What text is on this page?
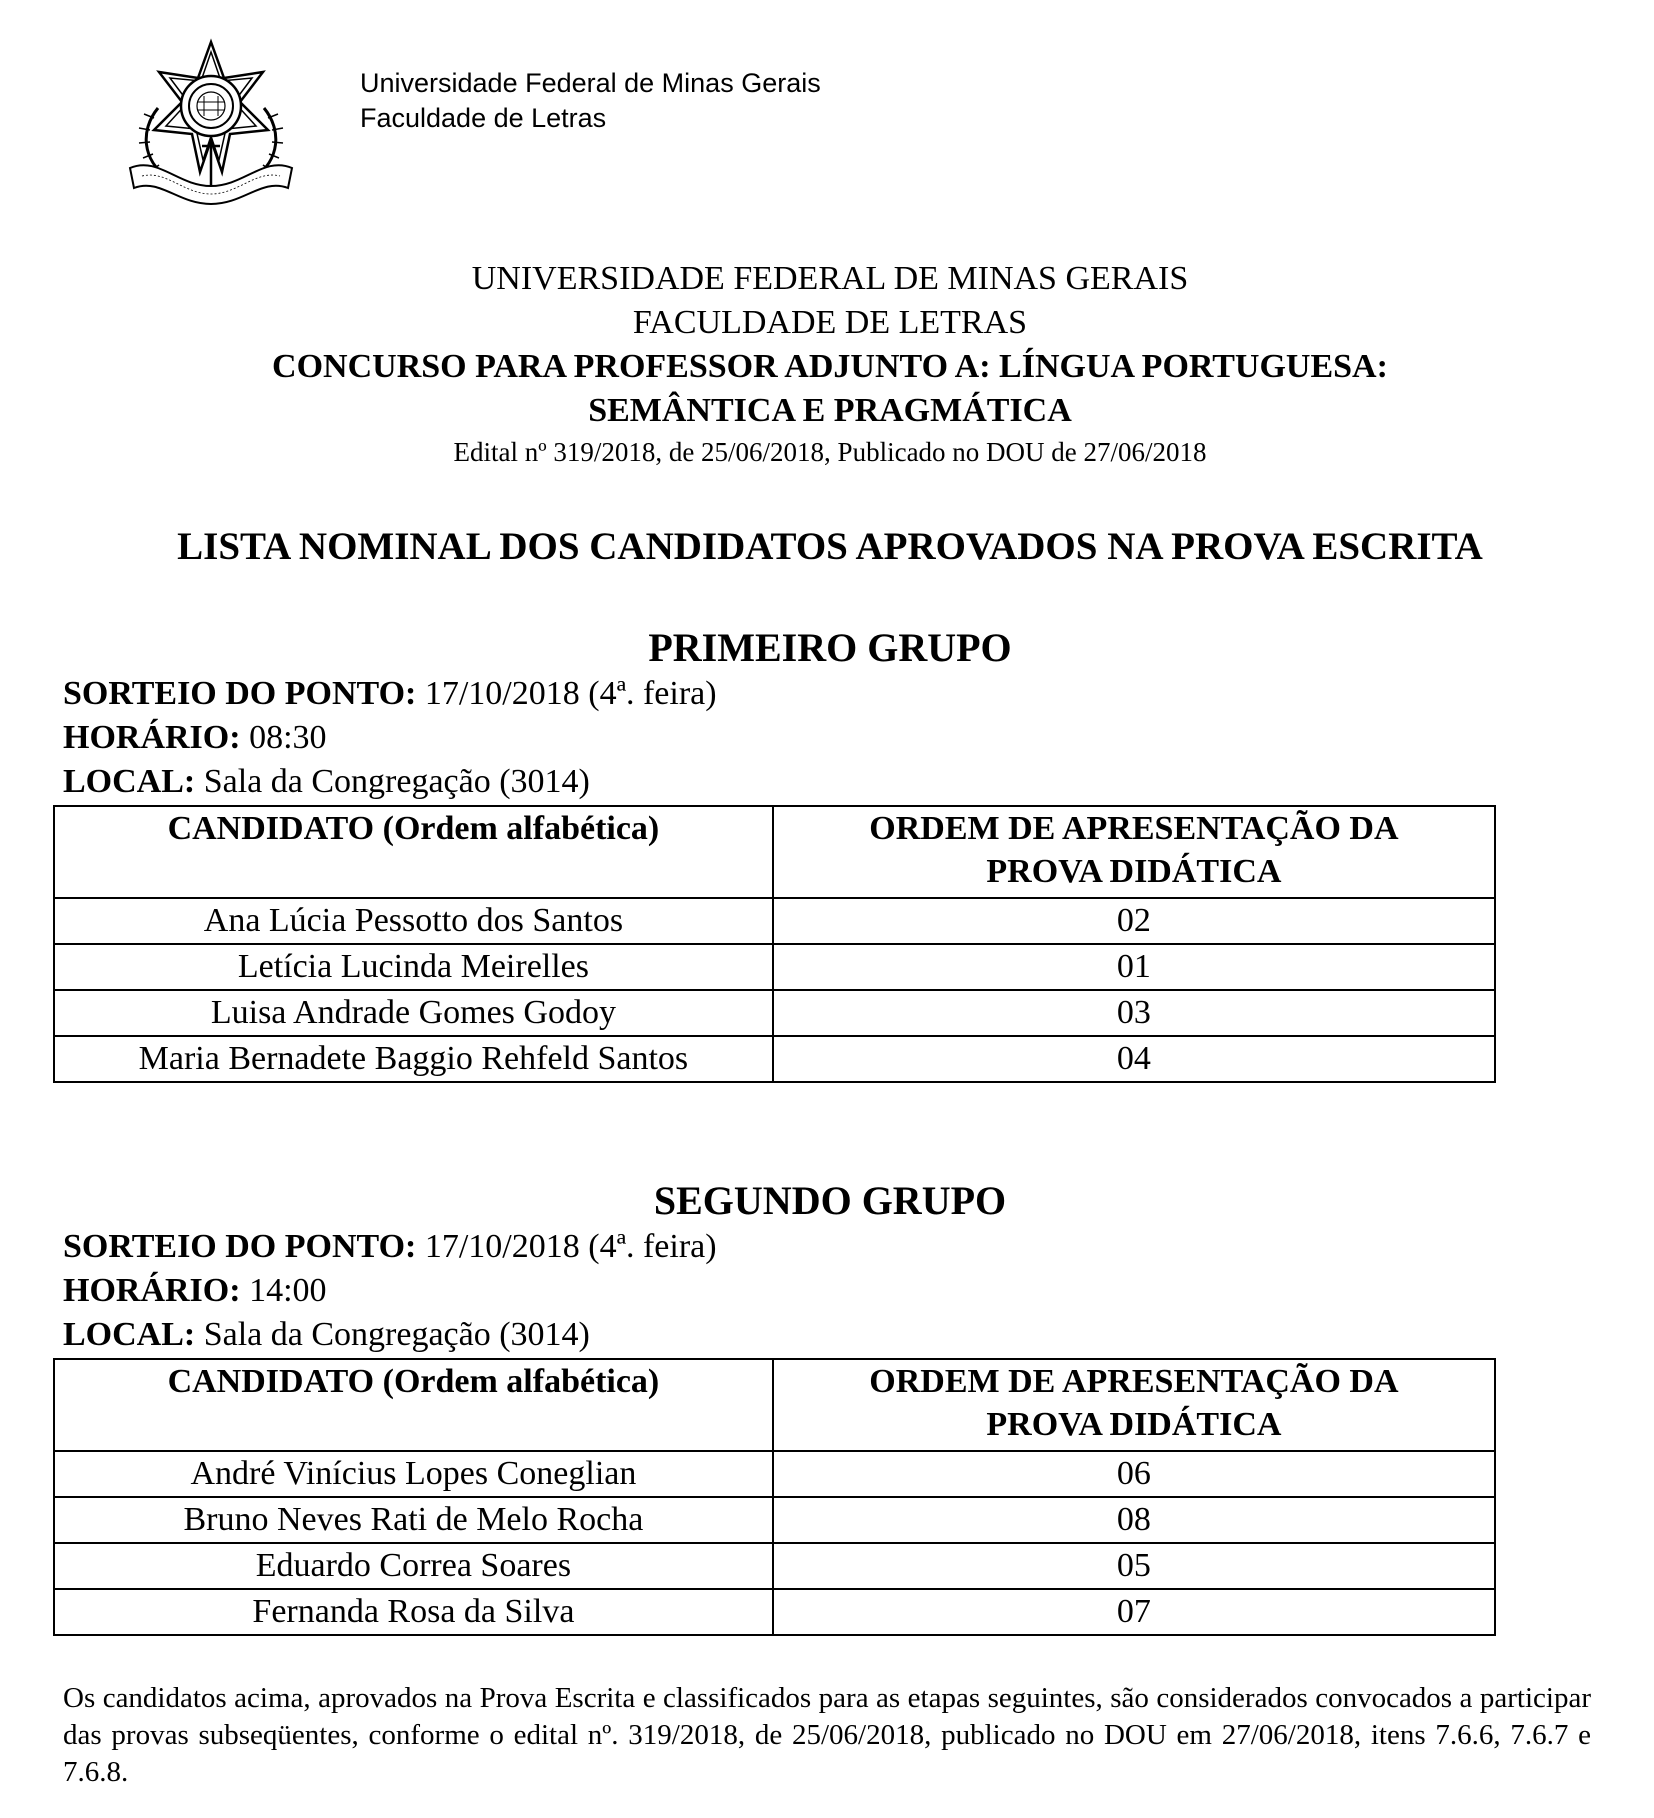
Universidade Federal de Minas Gerais
Faculdade de Letras
UNIVERSIDADE FEDERAL DE MINAS GERAIS
FACULDADE DE LETRAS
CONCURSO PARA PROFESSOR ADJUNTO A: LÍNGUA PORTUGUESA:
SEMÂNTICA E PRAGMÁTICA
Edital nº 319/2018, de 25/06/2018, Publicado no DOU de 27/06/2018
LISTA NOMINAL DOS CANDIDATOS APROVADOS NA PROVA ESCRITA
PRIMEIRO GRUPO
SORTEIO DO PONTO: 17/10/2018 (4ª. feira)
HORÁRIO: 08:30
LOCAL: Sala da Congregação (3014)
CANDIDATO (Ordem alfabética)	ORDEM DE APRESENTAÇÃO DA
PROVA DIDÁTICA
Ana Lúcia Pessotto dos Santos	02
Letícia Lucinda Meirelles	01
Luisa Andrade Gomes Godoy	03
Maria Bernadete Baggio Rehfeld Santos	04
SEGUNDO GRUPO
SORTEIO DO PONTO: 17/10/2018 (4ª. feira)
HORÁRIO: 14:00
LOCAL: Sala da Congregação (3014)
CANDIDATO (Ordem alfabética)	ORDEM DE APRESENTAÇÃO DA
PROVA DIDÁTICA
André Vinícius Lopes Coneglian	06
Bruno Neves Rati de Melo Rocha	08
Eduardo Correa Soares	05
Fernanda Rosa da Silva	07
Os candidatos acima, aprovados na Prova Escrita e classificados para as etapas seguintes, são considerados convocados a participar das provas subseqüentes, conforme o edital nº. 319/2018, de 25/06/2018, publicado no DOU em 27/06/2018, itens 7.6.6, 7.6.7 e 7.6.8.
